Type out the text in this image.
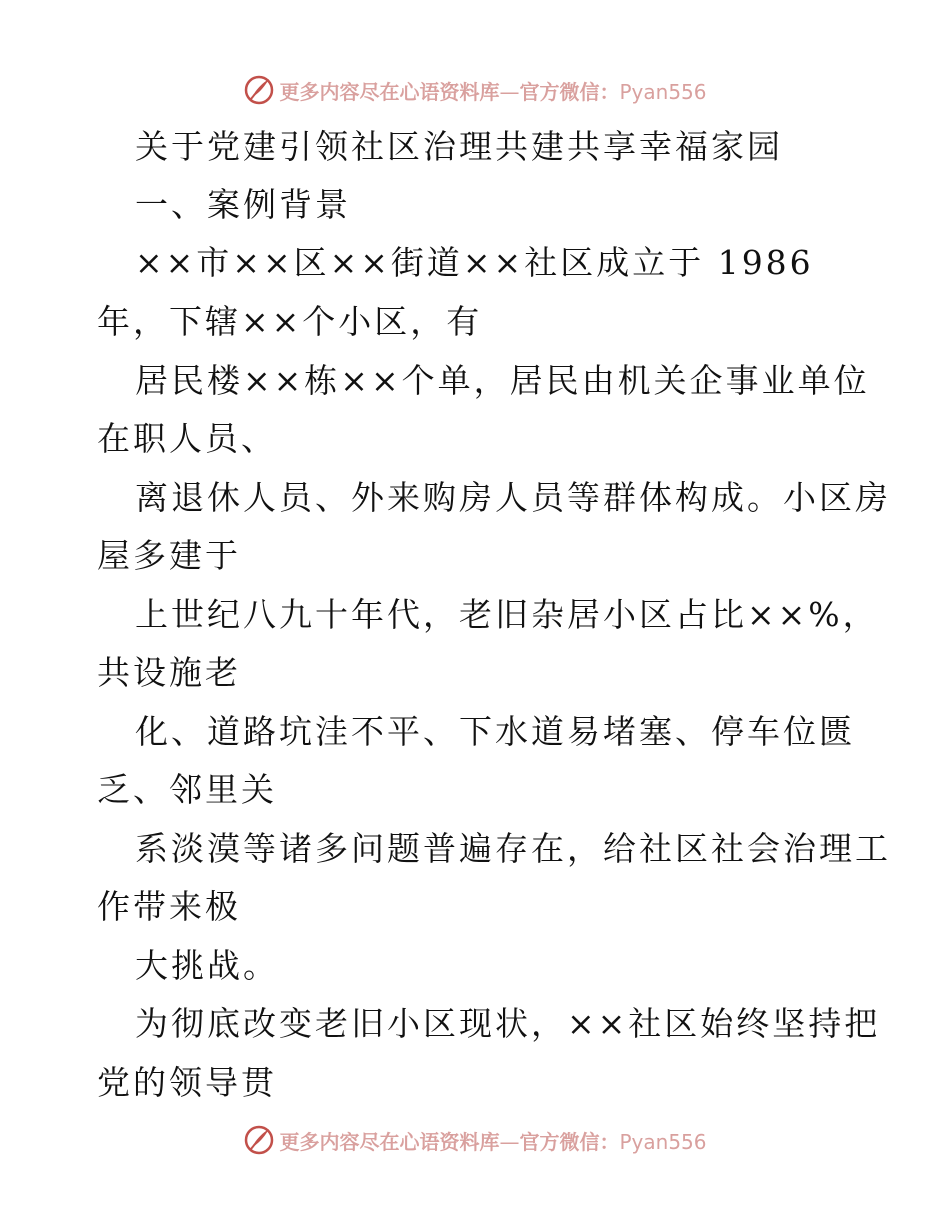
更多内容尽在心语资料库—官方微信：Pyan556
关于党建引领社区治理共建共享幸福家园
一、案例背景
××市××区××街道××社区成立于 1986
年，下辖××个小区，有
居民楼××栋××个单，居民由机关企事业单位
在职人员、
离退休人员、外来购房人员等群体构成。小区房
屋多建于
上世纪八九十年代，老旧杂居小区占比××%，
共设施老
化、道路坑洼不平、下水道易堵塞、停车位匮
乏、邻里关
系淡漠等诸多问题普遍存在，给社区社会治理工
作带来极
大挑战。
为彻底改变老旧小区现状，××社区始终坚持把
党的领导贯
更多内容尽在心语资料库—官方微信：Pyan556
